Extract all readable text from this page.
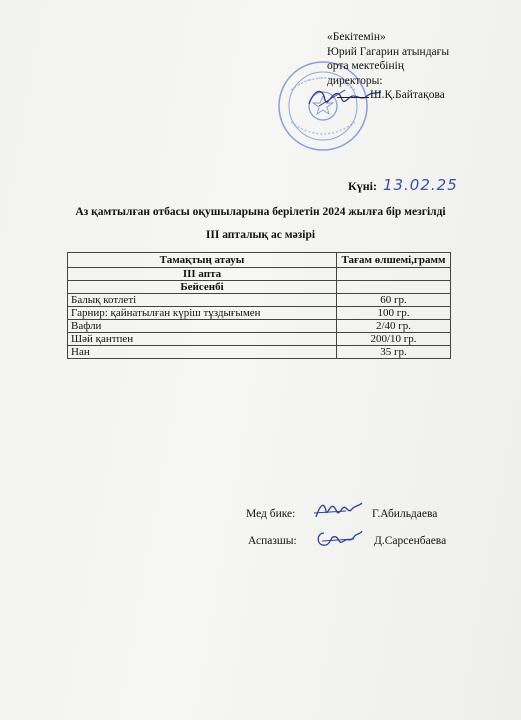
«Бекітемін»
Юрий Гагарин атындағы
орта мектебінің
директоры:
Ш.Қ.Байтақова
Күні: 13.02.25
Аз қамтылған отбасы оқушыларына берілетін 2024 жылға бір мезгілді
III апталық ас мәзірі
Тамақтың атауы	Тағам өлшемі,грамм
III апта	
Бейсенбі	
Балық котлеті	60 гр.
Гарнир: қайнатылған күріш тұздығымен	100 гр.
Вафли	2/40 гр.
Шәй қантпен	200/10 гр.
Нан	35 гр.
Мед бике:	Г.Абильдаева
Аспазшы:	Д.Сарсенбаева
